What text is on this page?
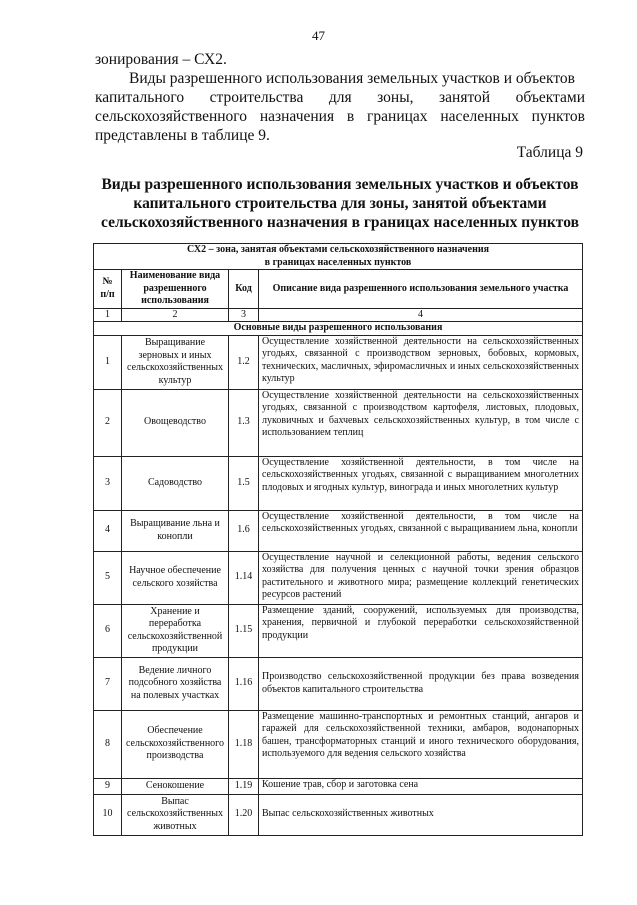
47

зонирования – СХ2.

Виды разрешенного использования земельных участков и объектов

капитального строительства для зоны, занятой объектами

сельскохозяйственного назначения в границах населенных пунктов

представлены в таблице 9.

Таблица 9
Виды разрешенного использования земельных участков и объектов
капитального строительства для зоны, занятой объектами
сельскохозяйственного назначения в границах населенных пунктов
СХ2 – зона, занятая объектами сельскохозяйственного назначения
в границах населенных пунктов			

№ п/п	Наименование вида разрешенного использования	Код	Описание вида разрешенного использования земельного участка
1	2	3	4
Основные виды разрешенного использования			
1	Выращивание зерновых и иных сельскохозяйственных культур	1.2	Осуществление хозяйственной деятельности на сельскохозяйственных угодьях, связанной с производством зерновых, бобовых, кормовых, технических, масличных, эфиромасличных и иных сельскохозяйственных культур
2	Овощеводство	1.3	Осуществление хозяйственной деятельности на сельскохозяйственных угодьях, связанной с производством картофеля, листовых, плодовых, луковичных и бахчевых сельскохозяйственных культур, в том числе с использованием теплиц
3	Садоводство	1.5	Осуществление хозяйственной деятельности, в том числе на сельскохозяйственных угодьях, связанной с выращиванием многолетних плодовых и ягодных культур, винограда и иных многолетних культур
4	Выращивание льна и конопли	1.6	Осуществление хозяйственной деятельности, в том числе на сельскохозяйственных угодьях, связанной с выращиванием льна, конопли
5	Научное обеспечение сельского хозяйства	1.14	Осуществление научной и селекционной работы, ведения сельского хозяйства для получения ценных с научной точки зрения образцов растительного и животного мира; размещение коллекций генетических ресурсов растений
6	Хранение и переработка сельскохозяйственной продукции	1.15	Размещение зданий, сооружений, используемых для производства, хранения, первичной и глубокой переработки сельскохозяйственной продукции
7	Ведение личного подсобного хозяйства на полевых участках	1.16	Производство сельскохозяйственной продукции без права возведения объектов капитального строительства
8	Обеспечение сельскохозяйственного производства	1.18	Размещение машинно-транспортных и ремонтных станций, ангаров и гаражей для сельскохозяйственной техники, амбаров, водонапорных башен, трансформаторных станций и иного технического оборудования, используемого для ведения сельского хозяйства
9	Сенокошение	1.19	Кошение трав, сбор и заготовка сена
10	Выпас сельскохозяйственных животных	1.20	Выпас сельскохозяйственных животных
